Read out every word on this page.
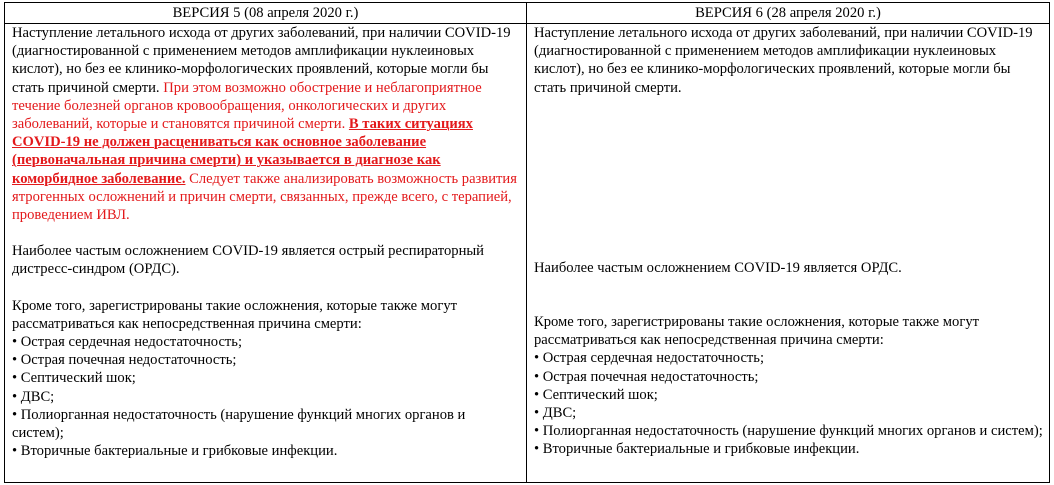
ВЕРСИЯ 5 (08 апреля 2020 г.)	ВЕРСИЯ 6 (28 апреля 2020 г.)

Наступление летального исхода от других заболеваний, при наличии COVID-19 (диагностированной с применением методов амплификации нуклеиновых кислот), но без ее клинико-морфологических проявлений, которые могли бы стать причиной смерти. При этом возможно обострение и неблагоприятное течение болезней органов кровообращения, онкологических и других заболеваний, которые и становятся причиной смерти. В таких ситуациях COVID-19 не должен расцениваться как основное заболевание (первоначальная причина смерти) и указывается в диагнозе как коморбидное заболевание. Следует также анализировать возможность развития ятрогенных осложнений и причин смерти, связанных, прежде всего, с терапией, проведением ИВЛ.

Наиболее частым осложнением COVID-19 является острый респираторный дистресс-синдром (ОРДС).

Кроме того, зарегистрированы такие осложнения, которые также могут рассматриваться как непосредственная причина смерти:

• Острая сердечная недостаточность;
• Острая почечная недостаточность;
• Септический шок;
• ДВС;
• Полиорганная недостаточность (нарушение функций многих органов и систем);
• Вторичные бактериальные и грибковые инфекции.

Наступление летального исхода от других заболеваний, при наличии COVID-19 (диагностированной с применением методов амплификации нуклеиновых кислот), но без ее клинико-морфологических проявлений, которые могли бы стать причиной смерти.

Наиболее частым осложнением COVID-19 является ОРДС.

Кроме того, зарегистрированы такие осложнения, которые также могут рассматриваться как непосредственная причина смерти:

• Острая сердечная недостаточность;
• Острая почечная недостаточность;
• Септический шок;
• ДВС;
• Полиорганная недостаточность (нарушение функций многих органов и систем);
• Вторичные бактериальные и грибковые инфекции.
